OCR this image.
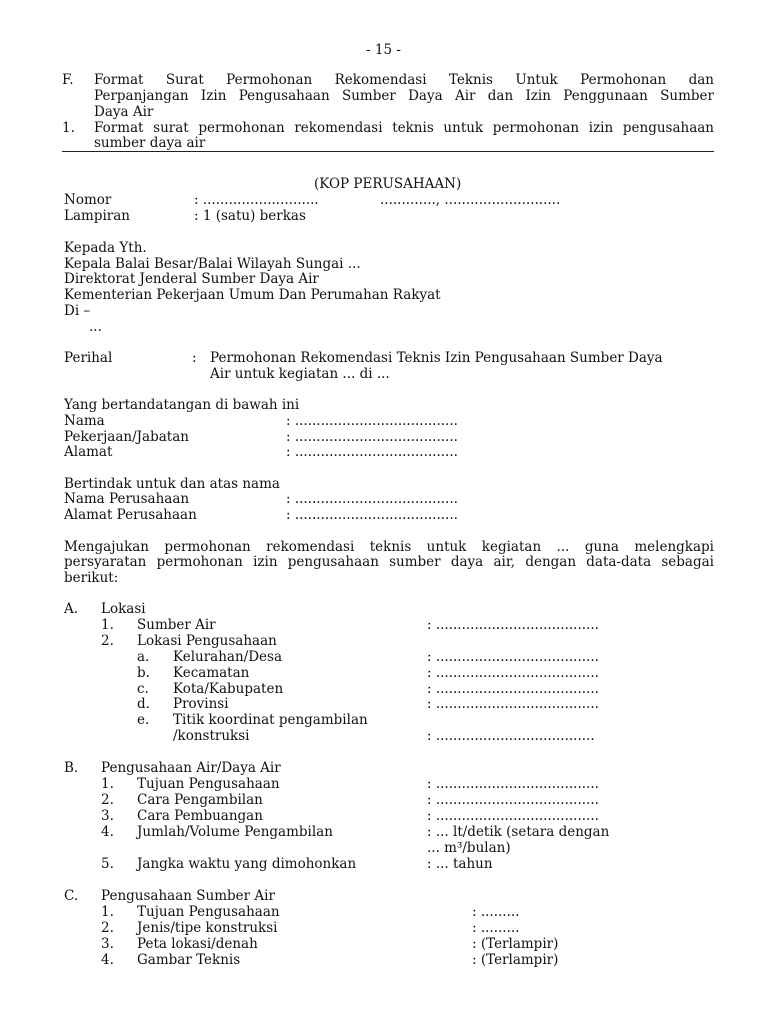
- 15 -
F. Format Surat Permohonan Rekomendasi Teknis Untuk Permohonan dan
Perpanjangan Izin Pengusahaan Sumber Daya Air dan Izin Penggunaan Sumber
Daya Air
1. Format surat permohonan rekomendasi teknis untuk permohonan izin pengusahaan
sumber daya air
(KOP PERUSAHAAN)
Nomor	: ...........................	............., ...........................
Lampiran	: 1 (satu) berkas
Kepada Yth.
Kepala Balai Besar/Balai Wilayah Sungai ...
Direktorat Jenderal Sumber Daya Air
Kementerian Pekerjaan Umum Dan Perumahan Rakyat
Di –
...
Perihal	: Permohonan Rekomendasi Teknis Izin Pengusahaan Sumber Daya
Air untuk kegiatan ... di ...
Yang bertandatangan di bawah ini
Nama	: ......................................
Pekerjaan/Jabatan	: ......................................
Alamat	: ......................................
Bertindak untuk dan atas nama
Nama Perusahaan	: ......................................
Alamat Perusahaan	: ......................................
Mengajukan permohonan rekomendasi teknis untuk kegiatan ... guna melengkapi
persyaratan permohonan izin pengusahaan sumber daya air, dengan data-data sebagai
berikut:
A. Lokasi
1. Sumber Air	: ......................................
2. Lokasi Pengusahaan
a. Kelurahan/Desa	: ......................................
b. Kecamatan	: ......................................
c. Kota/Kabupaten	: ......................................
d. Provinsi	: ......................................
e. Titik koordinat pengambilan
/konstruksi	: .....................................
B. Pengusahaan Air/Daya Air
1. Tujuan Pengusahaan	: ......................................
2. Cara Pengambilan	: ......................................
3. Cara Pembuangan	: ......................................
4. Jumlah/Volume Pengambilan	: ... lt/detik (setara dengan
... m³/bulan)
5. Jangka waktu yang dimohonkan	: ... tahun
C. Pengusahaan Sumber Air
1. Tujuan Pengusahaan	: .........
2. Jenis/tipe konstruksi	: .........
3. Peta lokasi/denah	: (Terlampir)
4. Gambar Teknis	: (Terlampir)
